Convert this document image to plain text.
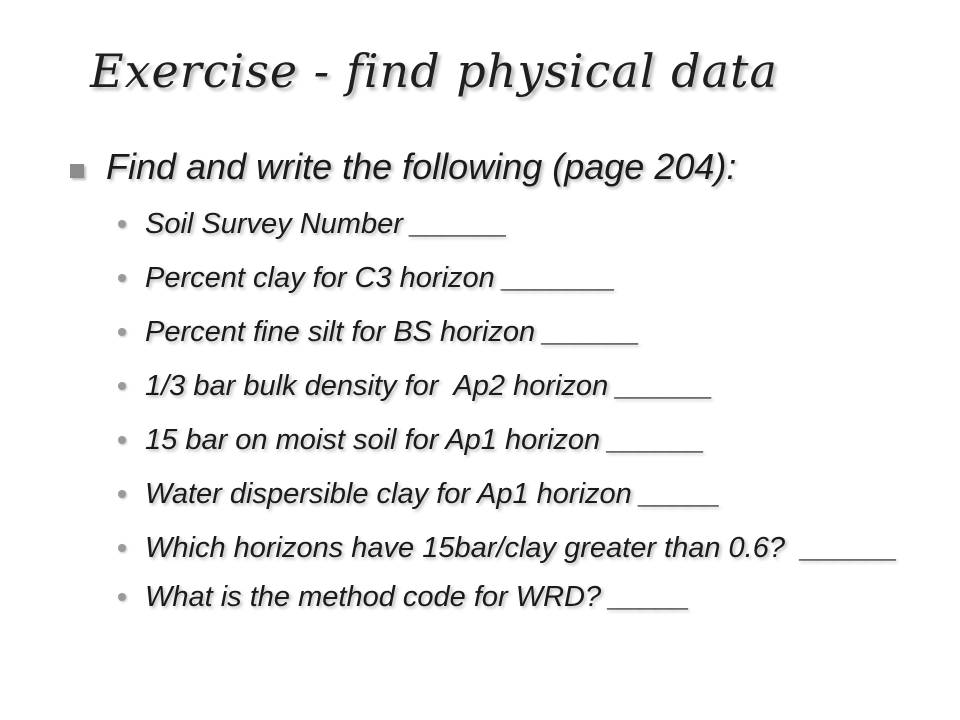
Exercise - find physical data
Find and write the following (page 204):
Soil Survey Number ______
Percent clay for C3 horizon _______
Percent fine silt for BS horizon ______
1/3 bar bulk density for  Ap2 horizon ______
15 bar on moist soil for Ap1 horizon ______
Water dispersible clay for Ap1 horizon _____
Which horizons have 15bar/clay greater than 0.6?  ______
What is the method code for WRD? _____
